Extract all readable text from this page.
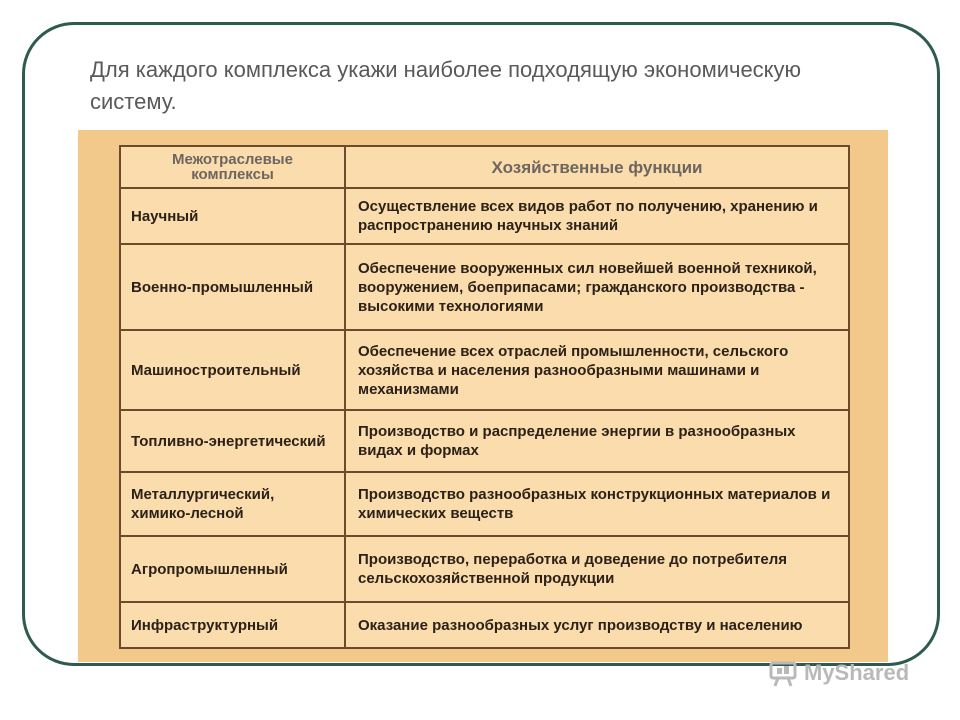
Для каждого комплекса укажи наиболее подходящую экономическую систему.
Межотраслевые комплексы	Хозяйственные функции
Научный	Осуществление всех видов работ по получению, хранению и распространению научных знаний
Военно-промышленный	Обеспечение вооруженных сил новейшей военной техникой, вооружением, боеприпасами; гражданского производства - высокими технологиями
Машиностроительный	Обеспечение всех отраслей промышленности, сельского хозяйства и населения разнообразными машинами и механизмами
Топливно-энергетический	Производство и распределение энергии в разнообразных видах и формах
Металлургический, химико-лесной	Производство разнообразных конструкционных материалов и химических веществ
Агропромышленный	Производство, переработка и доведение до потребителя сельскохозяйственной продукции
Инфраструктурный	Оказание разнообразных услуг производству и населению
MyShared
